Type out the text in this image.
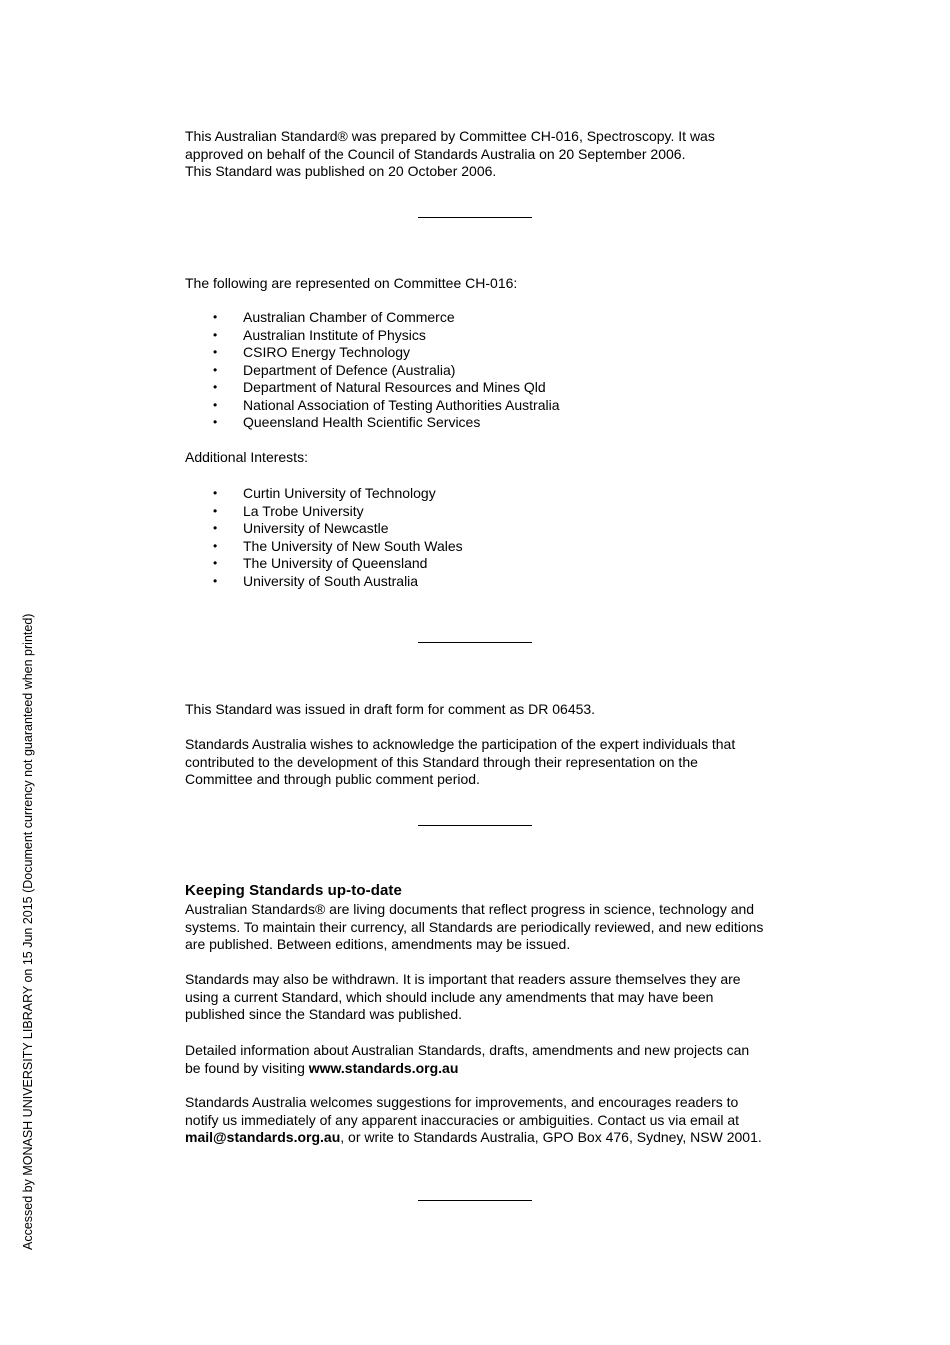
This Australian Standard® was prepared by Committee CH-016, Spectroscopy. It was
approved on behalf of the Council of Standards Australia on 20 September 2006.
This Standard was published on 20 October 2006.
The following are represented on Committee CH-016:
• Australian Chamber of Commerce
• Australian Institute of Physics
• CSIRO Energy Technology
• Department of Defence (Australia)
• Department of Natural Resources and Mines Qld
• National Association of Testing Authorities Australia
• Queensland Health Scientific Services
Additional Interests:
• Curtin University of Technology
• La Trobe University
• University of Newcastle
• The University of New South Wales
• The University of Queensland
• University of South Australia
This Standard was issued in draft form for comment as DR 06453.
Standards Australia wishes to acknowledge the participation of the expert individuals that
contributed to the development of this Standard through their representation on the
Committee and through public comment period.
Keeping Standards up-to-date
Australian Standards® are living documents that reflect progress in science, technology and
systems. To maintain their currency, all Standards are periodically reviewed, and new editions
are published. Between editions, amendments may be issued.
Standards may also be withdrawn. It is important that readers assure themselves they are
using a current Standard, which should include any amendments that may have been
published since the Standard was published.
Detailed information about Australian Standards, drafts, amendments and new projects can
be found by visiting www.standards.org.au
Standards Australia welcomes suggestions for improvements, and encourages readers to
notify us immediately of any apparent inaccuracies or ambiguities. Contact us via email at
mail@standards.org.au, or write to Standards Australia, GPO Box 476, Sydney, NSW 2001.
Accessed by MONASH UNIVERSITY LIBRARY on 15 Jun 2015 (Document currency not guaranteed when printed)
